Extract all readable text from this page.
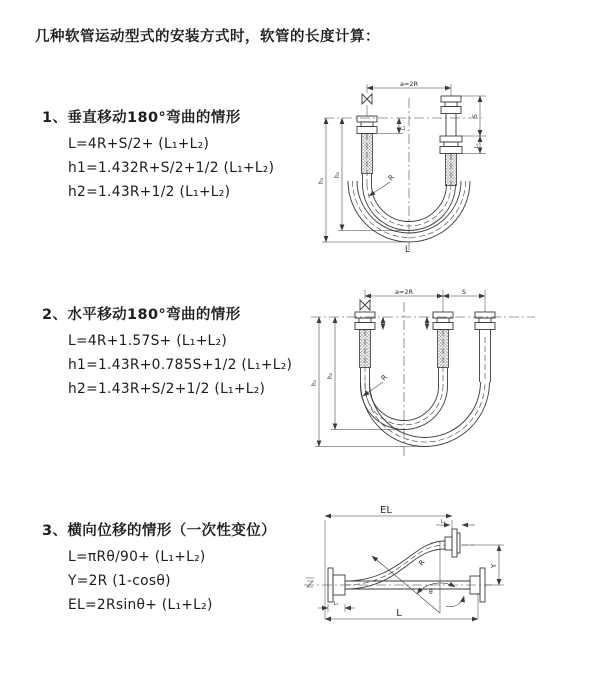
几种软管运动型式的安装方式时，软管的长度计算：
1、垂直移动180°弯曲的情形
L=4R+S/2+ (L₁+L₂)
h1=1.432R+S/2+1/2 (L₁+L₂)
h2=1.43R+1/2 (L₁+L₂)
2、水平移动180°弯曲的情形
L=4R+1.57S+ (L₁+L₂)
h1=1.43R+0.785S+1/2 (L₁+L₂)
h2=1.43R+S/2+1/2 (L₁+L₂)
3、横向位移的情形（一次性变位）
L=πRθ/90+ (L₁+L₂)
Y=2R (1-cosθ)
EL=2Rsinθ+ (L₁+L₂)
a=2R
h₁
h₂
S
L₁
L₁
R
L
a=2R	S
h₁
h₂	R
EL
L₁
Y
L
L₁
θ
R
